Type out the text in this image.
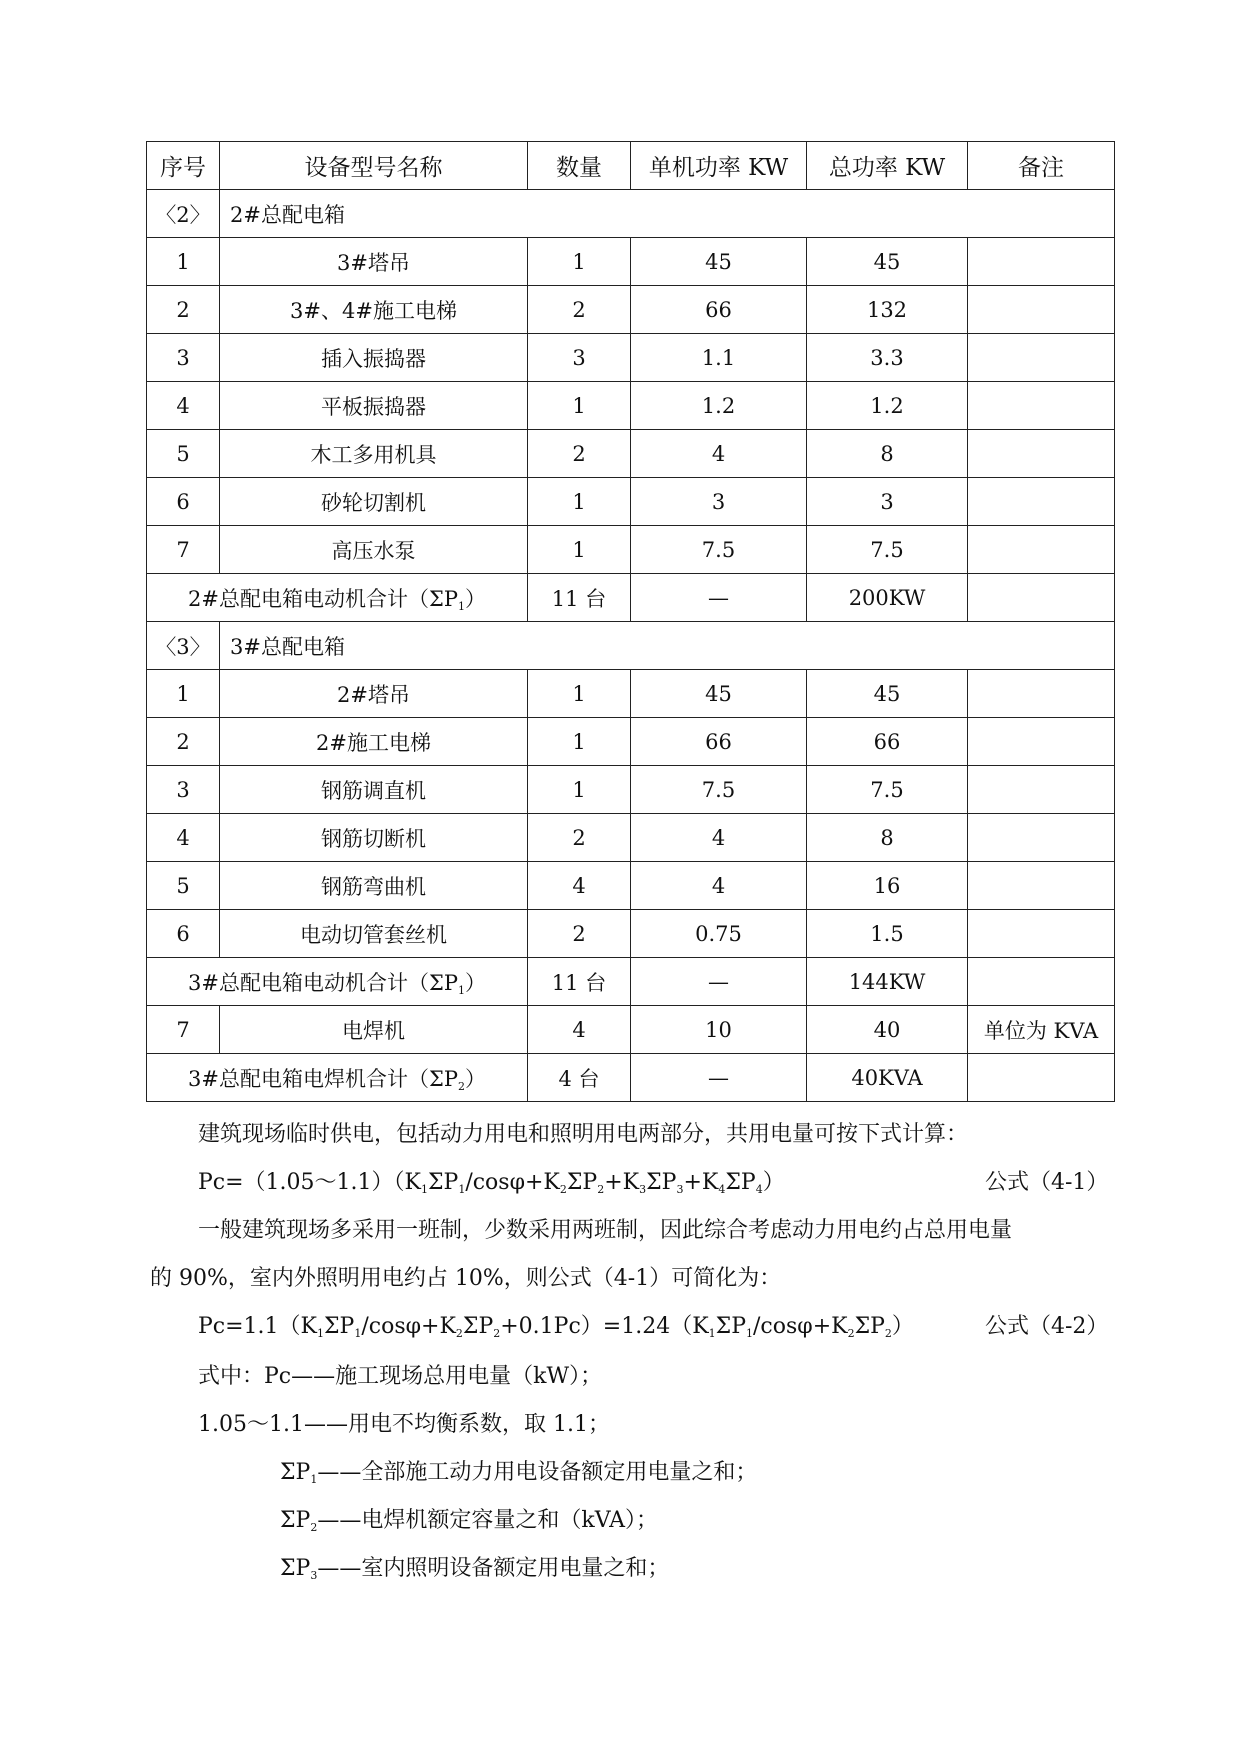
序号	设备型号名称	数量	单机功率 KW	总功率 KW	备注
〈2〉	2#总配电箱				
1	3#塔吊	1	45	45	
2	3#、4#施工电梯	2	66	132	
3	插入振捣器	3	1.1	3.3	
4	平板振捣器	1	1.2	1.2	
5	木工多用机具	2	4	8	
6	砂轮切割机	1	3	3	
7	高压水泵	1	7.5	7.5	
2#总配电箱电动机合计$(\Sigma P_1)$		11 台	—	200KW	
〈3〉	3#总配电箱				
1	2#塔吊	1	45	45	
2	2#施工电梯	1	66	66	
3	钢筋调直机	1	7.5	7.5	
4	钢筋切断机	2	4	8	
5	钢筋弯曲机	4	4	16	
6	电动切管套丝机	2	0.75	1.5	
3#总配电箱电动机合计$(\Sigma P_1)$		11 台	—	144KW	
7	电焊机	4	10	40	单位为 KVA
3#总配电箱电焊机合计$(\Sigma P_2)$		4 台	—	40KVA	
建筑现场临时供电，包括动力用电和照明用电两部分，共用电量可按下式计算：
$Pc=(1.05\sim 1.1)(K_1\Sigma P_1/\cos\varphi+K_2\Sigma P_2+K_3\Sigma P_3+K_4\Sigma P_4)$	公式（4-1）
一般建筑现场多采用一班制，少数采用两班制，因此综合考虑动力用电约占总用电量
的 90%，室内外照明用电约占 10%，则公式（4-1）可简化为：
$Pc=1.1(K_1\Sigma P_1/\cos\varphi+K_2\Sigma P_2+0.1Pc)=1.24(K_1\Sigma P_1/\cos\varphi+K_2\Sigma P_2)$	公式（4-2）
式中：Pc——施工现场总用电量（kW）；
1.05～1.1——用电不均衡系数，取 1.1；
$\Sigma P_1——$全部施工动力用电设备额定用电量之和；
$\Sigma P_2——$电焊机额定容量之和（kVA）；
$\Sigma P_3——$室内照明设备额定用电量之和；
